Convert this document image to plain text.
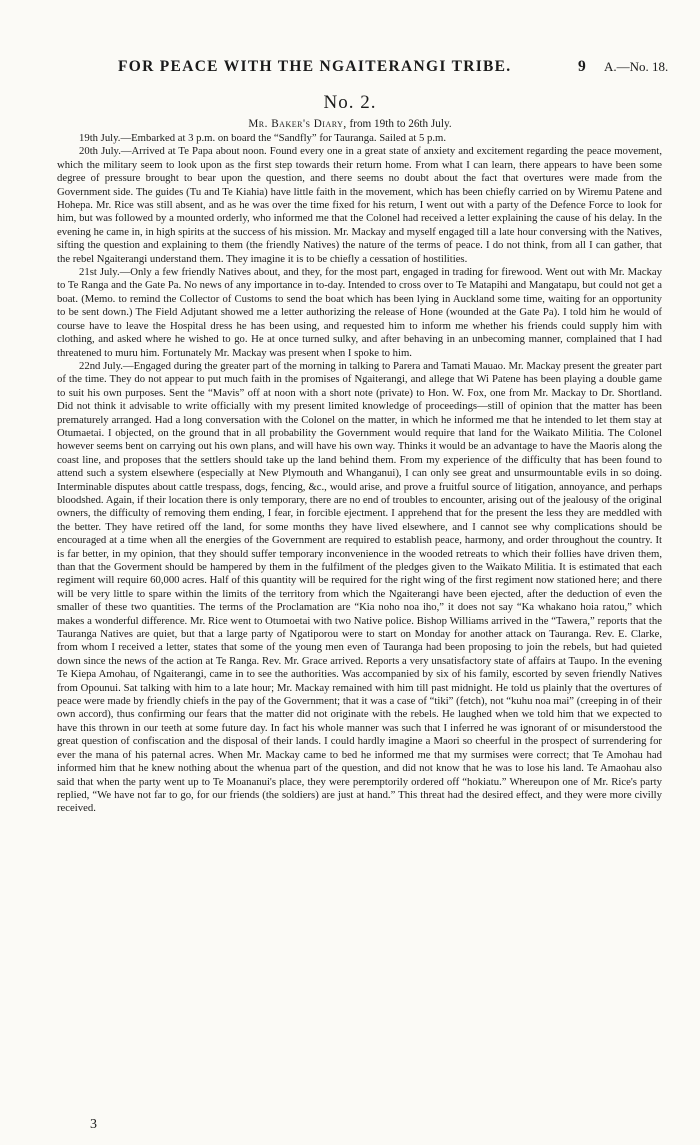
FOR PEACE WITH THE NGAITERANGI TRIBE.	9 A.—No. 18.
No. 2.
Mr. Baker's Diary, from 19th to 26th July.

19th July.—Embarked at 3 p.m. on board the “Sandfly” for Tauranga. Sailed at 5 p.m.

20th July.—Arrived at Te Papa about noon. Found every one in a great state of anxiety and excitement regarding the peace movement, which the military seem to look upon as the first step towards their return home. From what I can learn, there appears to have been some degree of pressure brought to bear upon the question, and there seems no doubt about the fact that overtures were made from the Government side. The guides (Tu and Te Kiahia) have little faith in the movement, which has been chiefly carried on by Wiremu Patene and Hohepa. Mr. Rice was still absent, and as he was over the time fixed for his return, I went out with a party of the Defence Force to look for him, but was followed by a mounted orderly, who informed me that the Colonel had received a letter explaining the cause of his delay. In the evening he came in, in high spirits at the success of his mission. Mr. Mackay and myself engaged till a late hour conversing with the Natives, sifting the question and explaining to them (the friendly Natives) the nature of the terms of peace. I do not think, from all I can gather, that the rebel Ngaiterangi understand them. They imagine it is to be chiefly a cessation of hostilities.

21st July.—Only a few friendly Natives about, and they, for the most part, engaged in trading for firewood. Went out with Mr. Mackay to Te Ranga and the Gate Pa. No news of any importance in to-day. Intended to cross over to Te Matapihi and Mangatapu, but could not get a boat. (Memo. to remind the Collector of Customs to send the boat which has been lying in Auckland some time, waiting for an opportunity to be sent down.) The Field Adjutant showed me a letter authorizing the release of Hone (wounded at the Gate Pa). I told him he would of course have to leave the Hospital dress he has been using, and requested him to inform me whether his friends could supply him with clothing, and asked where he wished to go. He at once turned sulky, and after behaving in an unbecoming manner, complained that I had threatened to muru him. Fortunately Mr. Mackay was present when I spoke to him.

22nd July.—Engaged during the greater part of the morning in talking to Parera and Tamati Mauao. Mr. Mackay present the greater part of the time. They do not appear to put much faith in the promises of Ngaiterangi, and allege that Wi Patene has been playing a double game to suit his own purposes. Sent the “Mavis” off at noon with a short note (private) to Hon. W. Fox, one from Mr. Mackay to Dr. Shortland. Did not think it advisable to write officially with my present limited knowledge of proceedings—still of opinion that the matter has been prematurely arranged. Had a long conversation with the Colonel on the matter, in which he informed me that he intended to let them stay at Otumaetai. I objected, on the ground that in all probability the Government would require that land for the Waikato Militia. The Colonel however seems bent on carrying out his own plans, and will have his own way. Thinks it would be an advantage to have the Maoris along the coast line, and proposes that the settlers should take up the land behind them. From my experience of the difficulty that has been found to attend such a system elsewhere (especially at New Plymouth and Whanganui), I can only see great and unsurmountable evils in so doing. Interminable disputes about cattle trespass, dogs, fencing, &c., would arise, and prove a fruitful source of litigation, annoyance, and perhaps bloodshed. Again, if their location there is only temporary, there are no end of troubles to encounter, arising out of the jealousy of the original owners, the difficulty of removing them ending, I fear, in forcible ejectment. I apprehend that for the present the less they are meddled with the better. They have retired off the land, for some months they have lived elsewhere, and I cannot see why complications should be encouraged at a time when all the energies of the Government are required to establish peace, harmony, and order throughout the country. It is far better, in my opinion, that they should suffer temporary inconvenience in the wooded retreats to which their follies have driven them, than that the Goverment should be hampered by them in the fulfilment of the pledges given to the Waikato Militia. It is estimated that each regiment will require 60,000 acres. Half of this quantity will be required for the right wing of the first regiment now stationed here; and there will be very little to spare within the limits of the territory from which the Ngaiterangi have been ejected, after the deduction of even the smaller of these two quantities. The terms of the Proclamation are “Kia noho noa iho,” it does not say “Ka whakano hoia ratou,” which makes a wonderful difference. Mr. Rice went to Otumoetai with two Native police. Bishop Williams arrived in the “Tawera,” reports that the Tauranga Natives are quiet, but that a large party of Ngatiporou were to start on Monday for another attack on Tauranga. Rev. E. Clarke, from whom I received a letter, states that some of the young men even of Tauranga had been proposing to join the rebels, but had quieted down since the news of the action at Te Ranga. Rev. Mr. Grace arrived. Reports a very unsatisfactory state of affairs at Taupo. In the evening Te Kiepa Amohau, of Ngaiterangi, came in to see the authorities. Was accompanied by six of his family, escorted by seven friendly Natives from Opounui. Sat talking with him to a late hour; Mr. Mackay remained with him till past midnight. He told us plainly that the overtures of peace were made by friendly chiefs in the pay of the Government; that it was a case of “tiki” (fetch), not “kuhu noa mai” (creeping in of their own accord), thus confirming our fears that the matter did not originate with the rebels. He laughed when we told him that we expected to have this thrown in our teeth at some future day. In fact his whole manner was such that I inferred he was ignorant of or misunderstood the great question of confiscation and the disposal of their lands. I could hardly imagine a Maori so cheerful in the prospect of surrendering for ever the mana of his paternal acres. When Mr. Mackay came to bed he informed me that my surmises were correct; that Te Amohau had informed him that he knew nothing about the whenua part of the question, and did not know that he was to lose his land. Te Amaohau also said that when the party went up to Te Moananui's place, they were peremptorily ordered off “hokiatu.” Whereupon one of Mr. Rice's party replied, “We have not far to go, for our friends (the soldiers) are just at hand.” This threat had the desired effect, and they were more civilly received.

3
